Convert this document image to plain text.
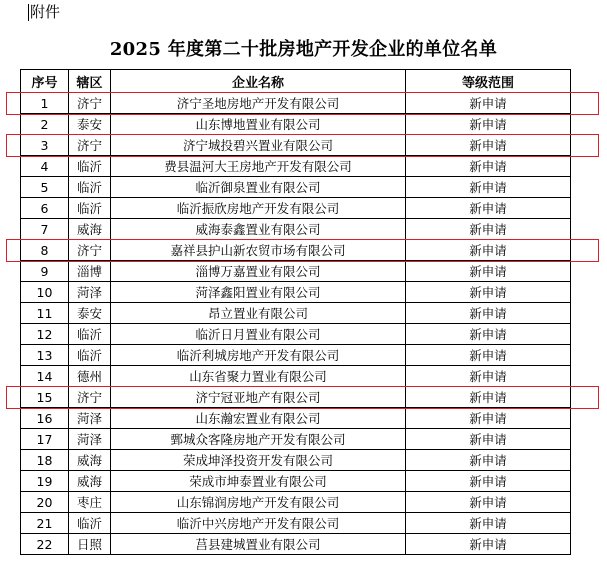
附件
2025 年度第二十批房地产开发企业的单位名单
序号	辖区	企业名称	等级范围
1	济宁	济宁圣地房地产开发有限公司	新申请
2	泰安	山东博地置业有限公司	新申请
3	济宁	济宁城投碧兴置业有限公司	新申请
4	临沂	费县温河大王房地产开发有限公司	新申请
5	临沂	临沂御泉置业有限公司	新申请
6	临沂	临沂振欣房地产开发有限公司	新申请
7	威海	威海泰鑫置业有限公司	新申请
8	济宁	嘉祥县护山新农贸市场有限公司	新申请
9	淄博	淄博万嘉置业有限公司	新申请
10	菏泽	菏泽鑫阳置业有限公司	新申请
11	泰安	昂立置业有限公司	新申请
12	临沂	临沂日月置业有限公司	新申请
13	临沂	临沂利城房地产开发有限公司	新申请
14	德州	山东省聚力置业有限公司	新申请
15	济宁	济宁冠亚地产有限公司	新申请
16	菏泽	山东瀚宏置业有限公司	新申请
17	菏泽	鄄城众客隆房地产开发有限公司	新申请
18	威海	荣成坤泽投资开发有限公司	新申请
19	威海	荣成市坤泰置业有限公司	新申请
20	枣庄	山东锦润房地产开发有限公司	新申请
21	临沂	临沂中兴房地产开发有限公司	新申请
22	日照	莒县建城置业有限公司	新申请
